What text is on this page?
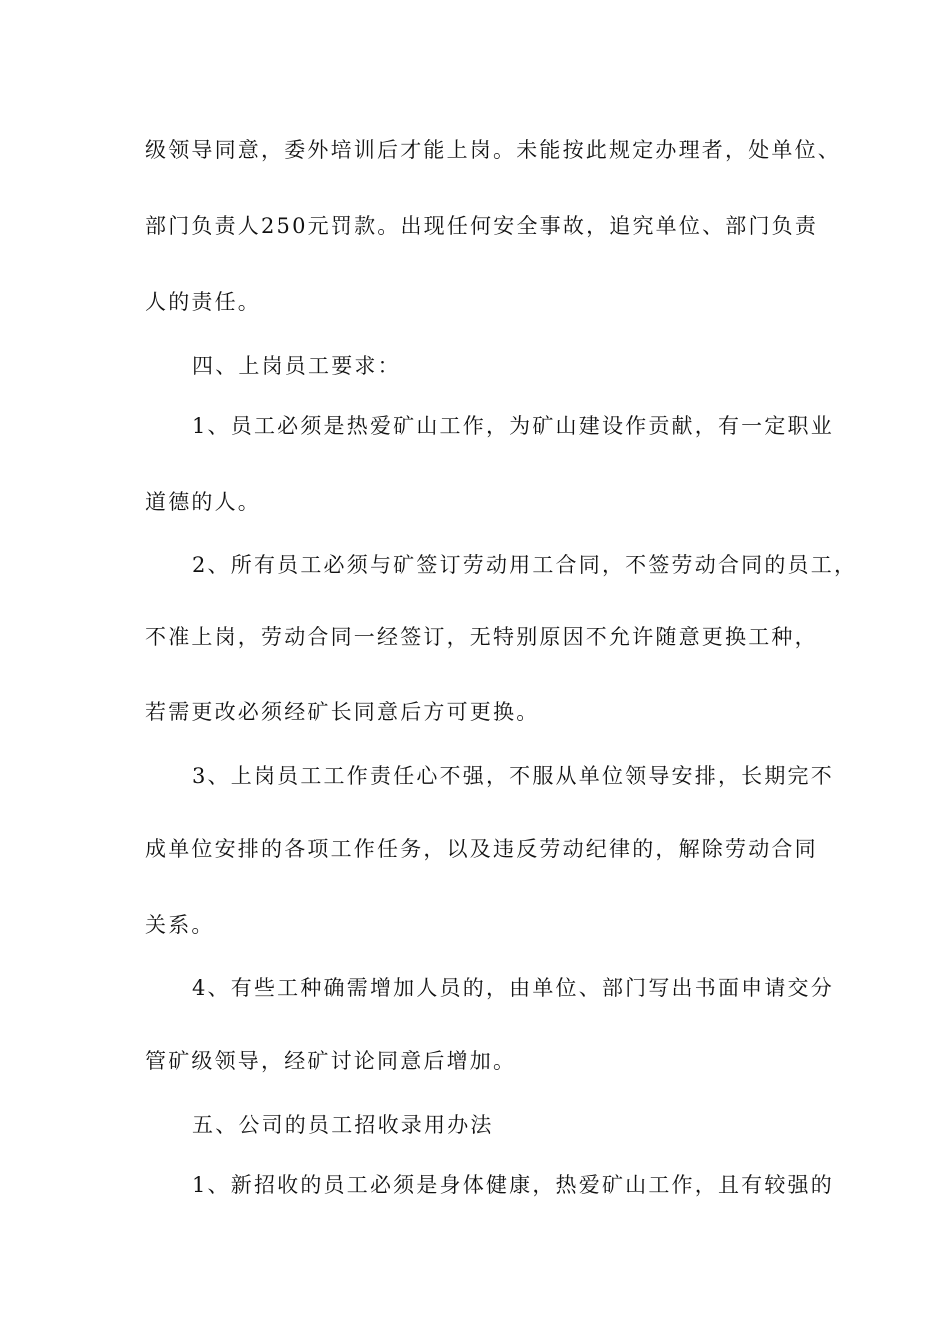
级领导同意，委外培训后才能上岗。未能按此规定办理者，处单位、
部门负责人250元罚款。出现任何安全事故，追究单位、部门负责
人的责任。
四、上岗员工要求：
1、员工必须是热爱矿山工作，为矿山建设作贡献，有一定职业
道德的人。
2、所有员工必须与矿签订劳动用工合同，不签劳动合同的员工，
不准上岗，劳动合同一经签订，无特别原因不允许随意更换工种，
若需更改必须经矿长同意后方可更换。
3、上岗员工工作责任心不强，不服从单位领导安排，长期完不
成单位安排的各项工作任务，以及违反劳动纪律的，解除劳动合同
关系。
4、有些工种确需增加人员的，由单位、部门写出书面申请交分
管矿级领导，经矿讨论同意后增加。
五、公司的员工招收录用办法
1、新招收的员工必须是身体健康，热爱矿山工作，且有较强的
